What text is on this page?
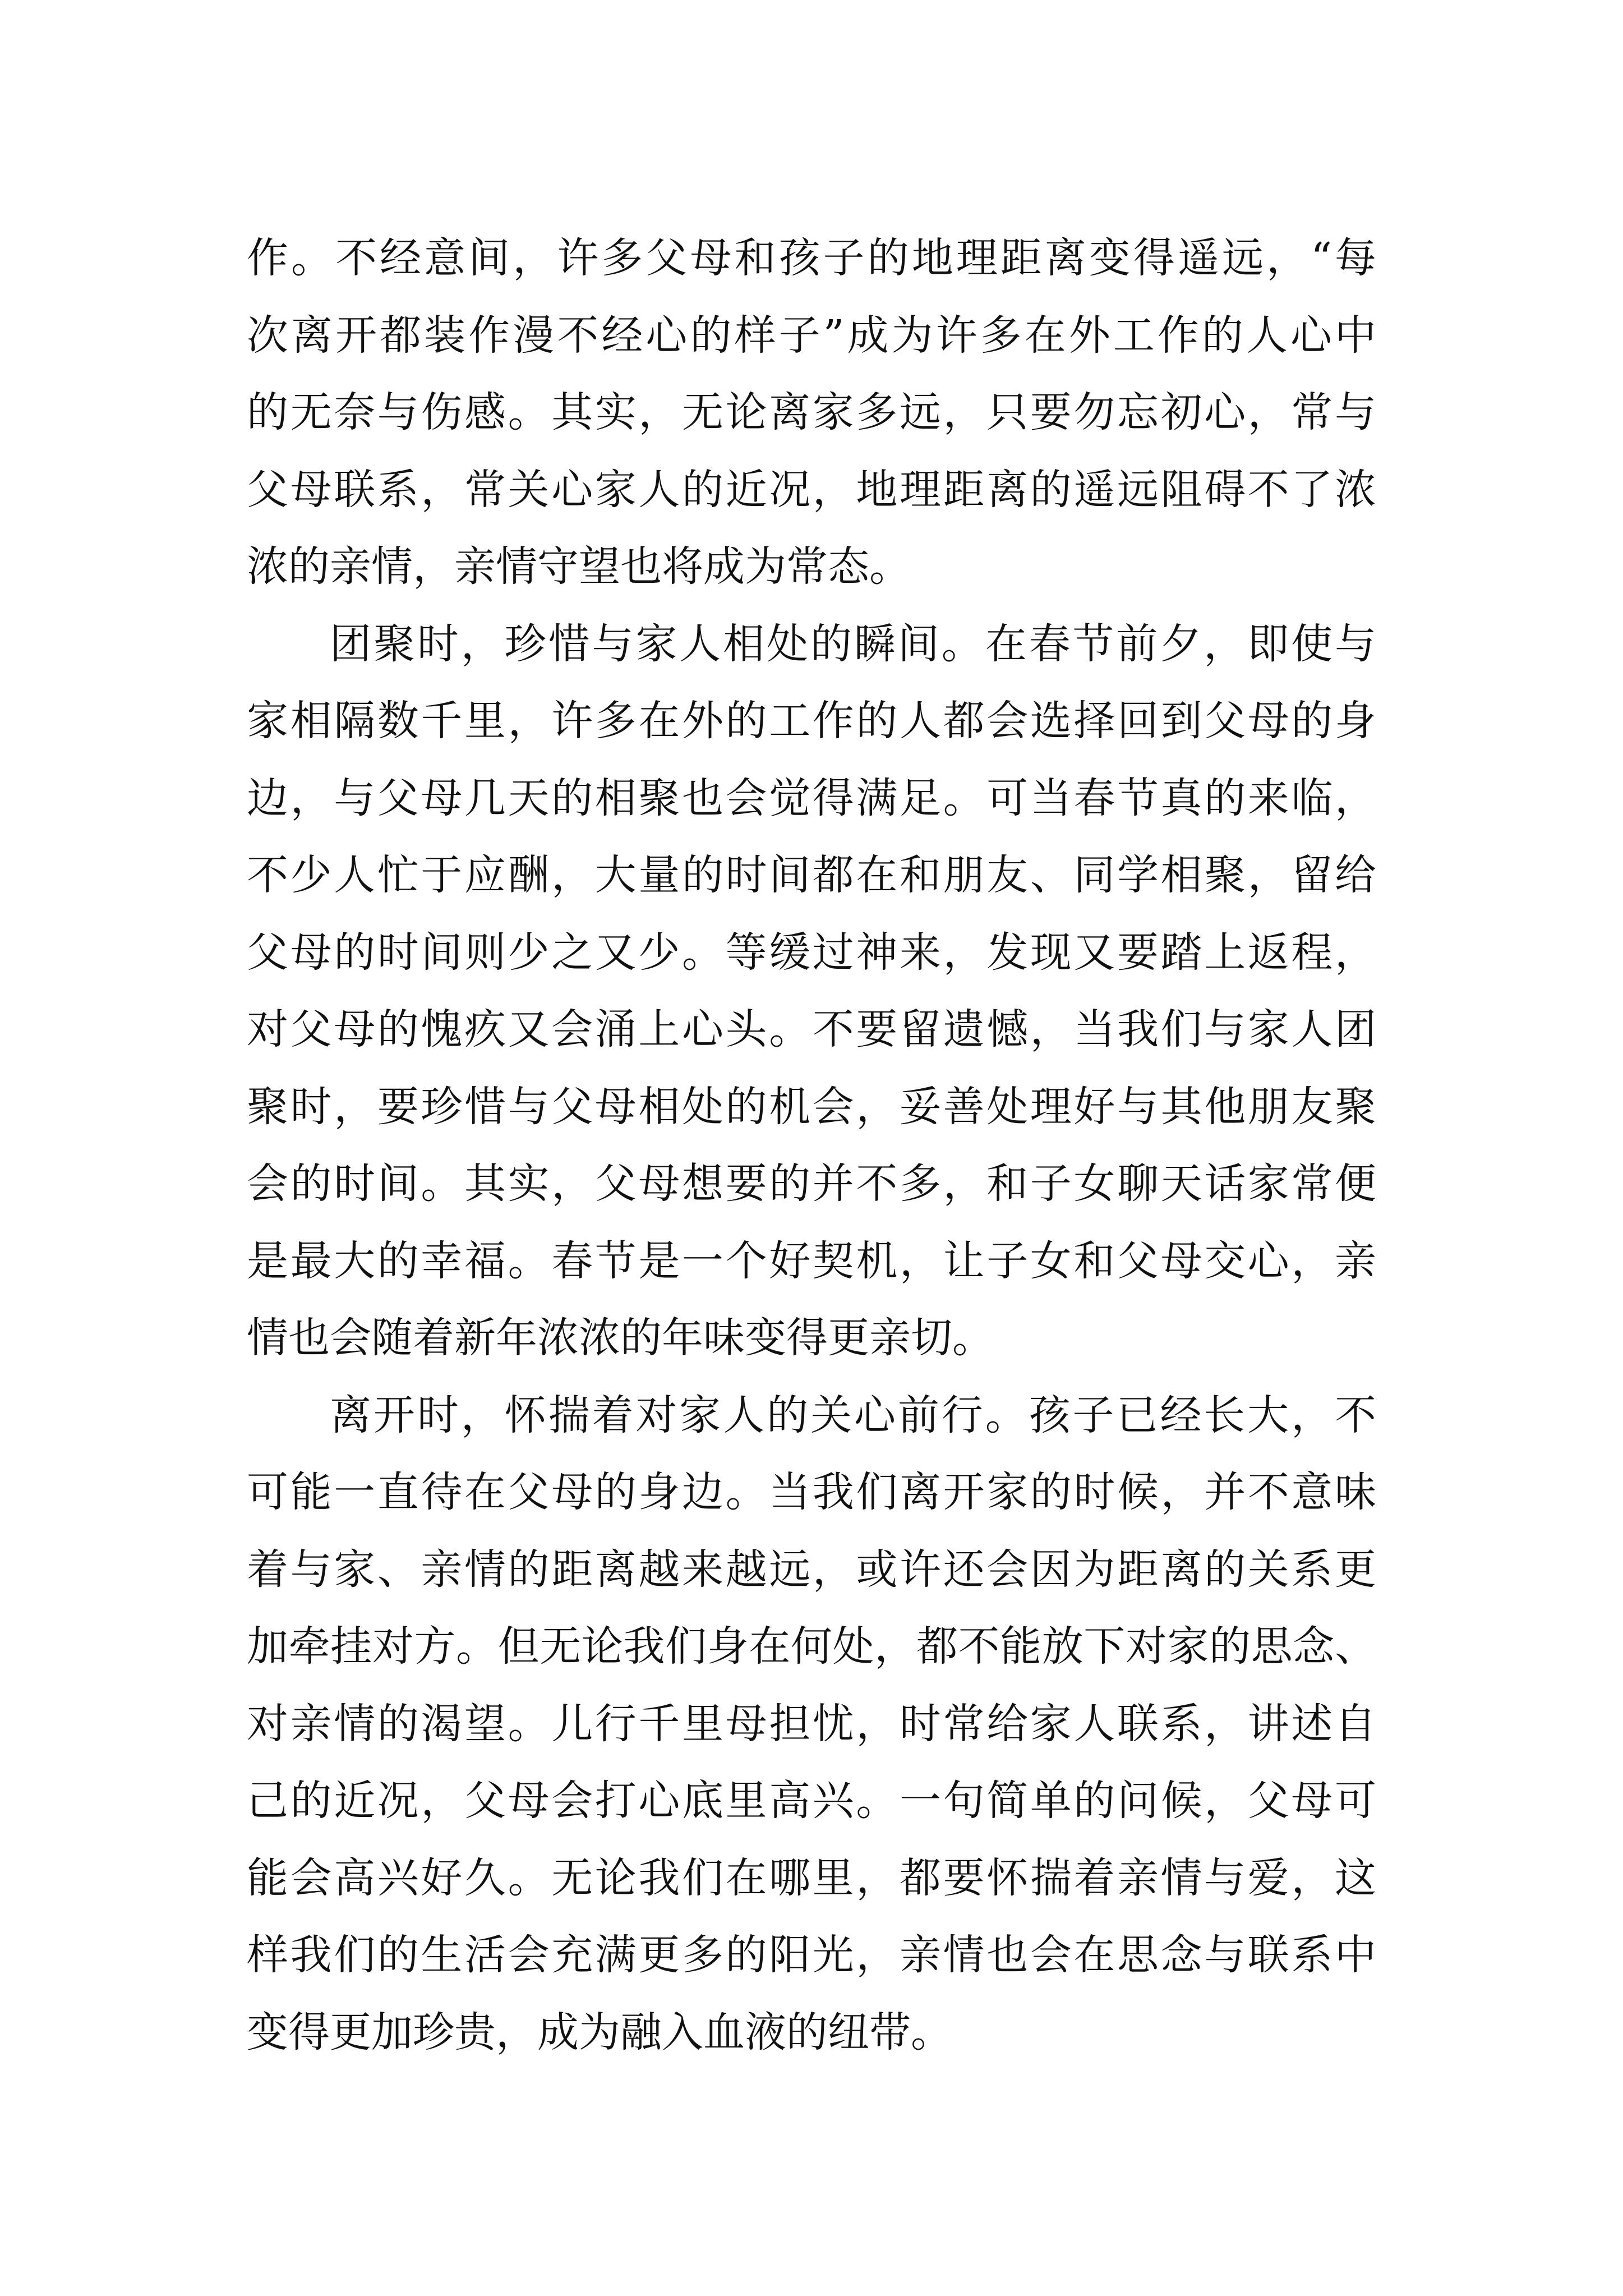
作。不经意间，许多父母和孩子的地理距离变得遥远，“每
次离开都装作漫不经心的样子”成为许多在外工作的人心中
的无奈与伤感。其实，无论离家多远，只要勿忘初心，常与
父母联系，常关心家人的近况，地理距离的遥远阻碍不了浓
浓的亲情，亲情守望也将成为常态。
团聚时，珍惜与家人相处的瞬间。在春节前夕，即使与
家相隔数千里，许多在外的工作的人都会选择回到父母的身
边，与父母几天的相聚也会觉得满足。可当春节真的来临，
不少人忙于应酬，大量的时间都在和朋友、同学相聚，留给
父母的时间则少之又少。等缓过神来，发现又要踏上返程，
对父母的愧疚又会涌上心头。不要留遗憾，当我们与家人团
聚时，要珍惜与父母相处的机会，妥善处理好与其他朋友聚
会的时间。其实，父母想要的并不多，和子女聊天话家常便
是最大的幸福。春节是一个好契机，让子女和父母交心，亲
情也会随着新年浓浓的年味变得更亲切。
离开时，怀揣着对家人的关心前行。孩子已经长大，不
可能一直待在父母的身边。当我们离开家的时候，并不意味
着与家、亲情的距离越来越远，或许还会因为距离的关系更
加牵挂对方。但无论我们身在何处，都不能放下对家的思念、
对亲情的渴望。儿行千里母担忧，时常给家人联系，讲述自
己的近况，父母会打心底里高兴。一句简单的问候，父母可
能会高兴好久。无论我们在哪里，都要怀揣着亲情与爱，这
样我们的生活会充满更多的阳光，亲情也会在思念与联系中
变得更加珍贵，成为融入血液的纽带。
